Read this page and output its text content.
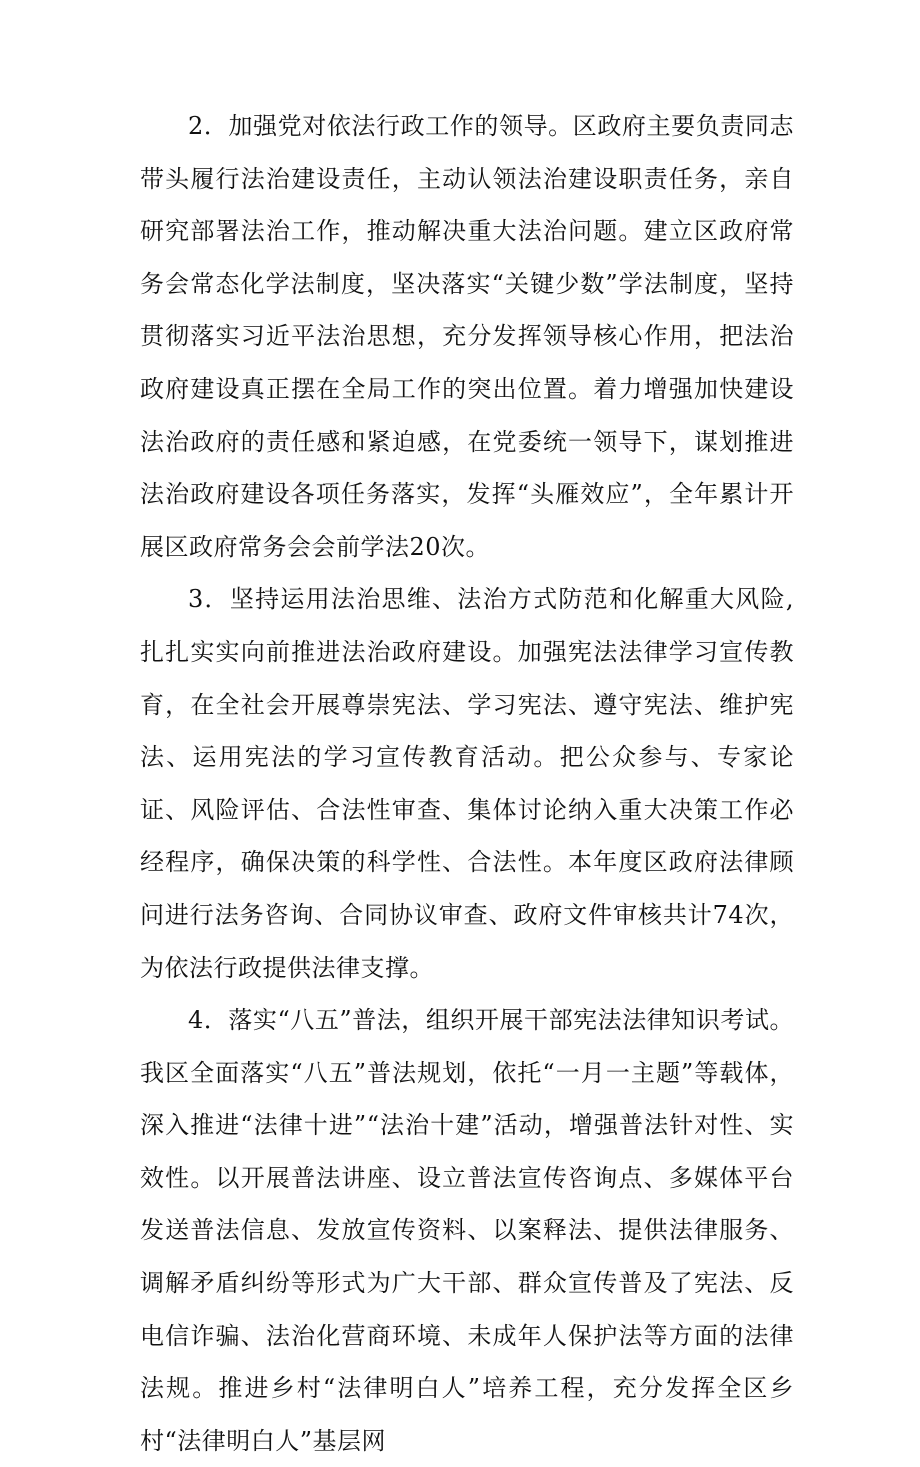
2．加强党对依法行政工作的领导。区政府主要负责同志带头履行法治建设责任，主动认领法治建设职责任务，亲自研究部署法治工作，推动解决重大法治问题。建立区政府常务会常态化学法制度，坚决落实“关键少数”学法制度，坚持贯彻落实习近平法治思想，充分发挥领导核心作用，把法治政府建设真正摆在全局工作的突出位置。着力增强加快建设法治政府的责任感和紧迫感，在党委统一领导下，谋划推进法治政府建设各项任务落实，发挥“头雁效应”，全年累计开展区政府常务会会前学法20次。

3．坚持运用法治思维、法治方式防范和化解重大风险,扎扎实实向前推进法治政府建设。加强宪法法律学习宣传教育，在全社会开展尊崇宪法、学习宪法、遵守宪法、维护宪法、运用宪法的学习宣传教育活动。把公众参与、专家论证、风险评估、合法性审查、集体讨论纳入重大决策工作必经程序，确保决策的科学性、合法性。本年度区政府法律顾问进行法务咨询、合同协议审查、政府文件审核共计74次，为依法行政提供法律支撑。

4．落实“八五”普法，组织开展干部宪法法律知识考试。我区全面落实“八五”普法规划，依托“一月一主题”等载体，深入推进“法律十进”“法治十建”活动，增强普法针对性、实效性。以开展普法讲座、设立普法宣传咨询点、多媒体平台发送普法信息、发放宣传资料、以案释法、提供法律服务、调解矛盾纠纷等形式为广大干部、群众宣传普及了宪法、反电信诈骗、法治化营商环境、未成年人保护法等方面的法律法规。推进乡村“法律明白人”培养工程，充分发挥全区乡村“法律明白人”基层网
